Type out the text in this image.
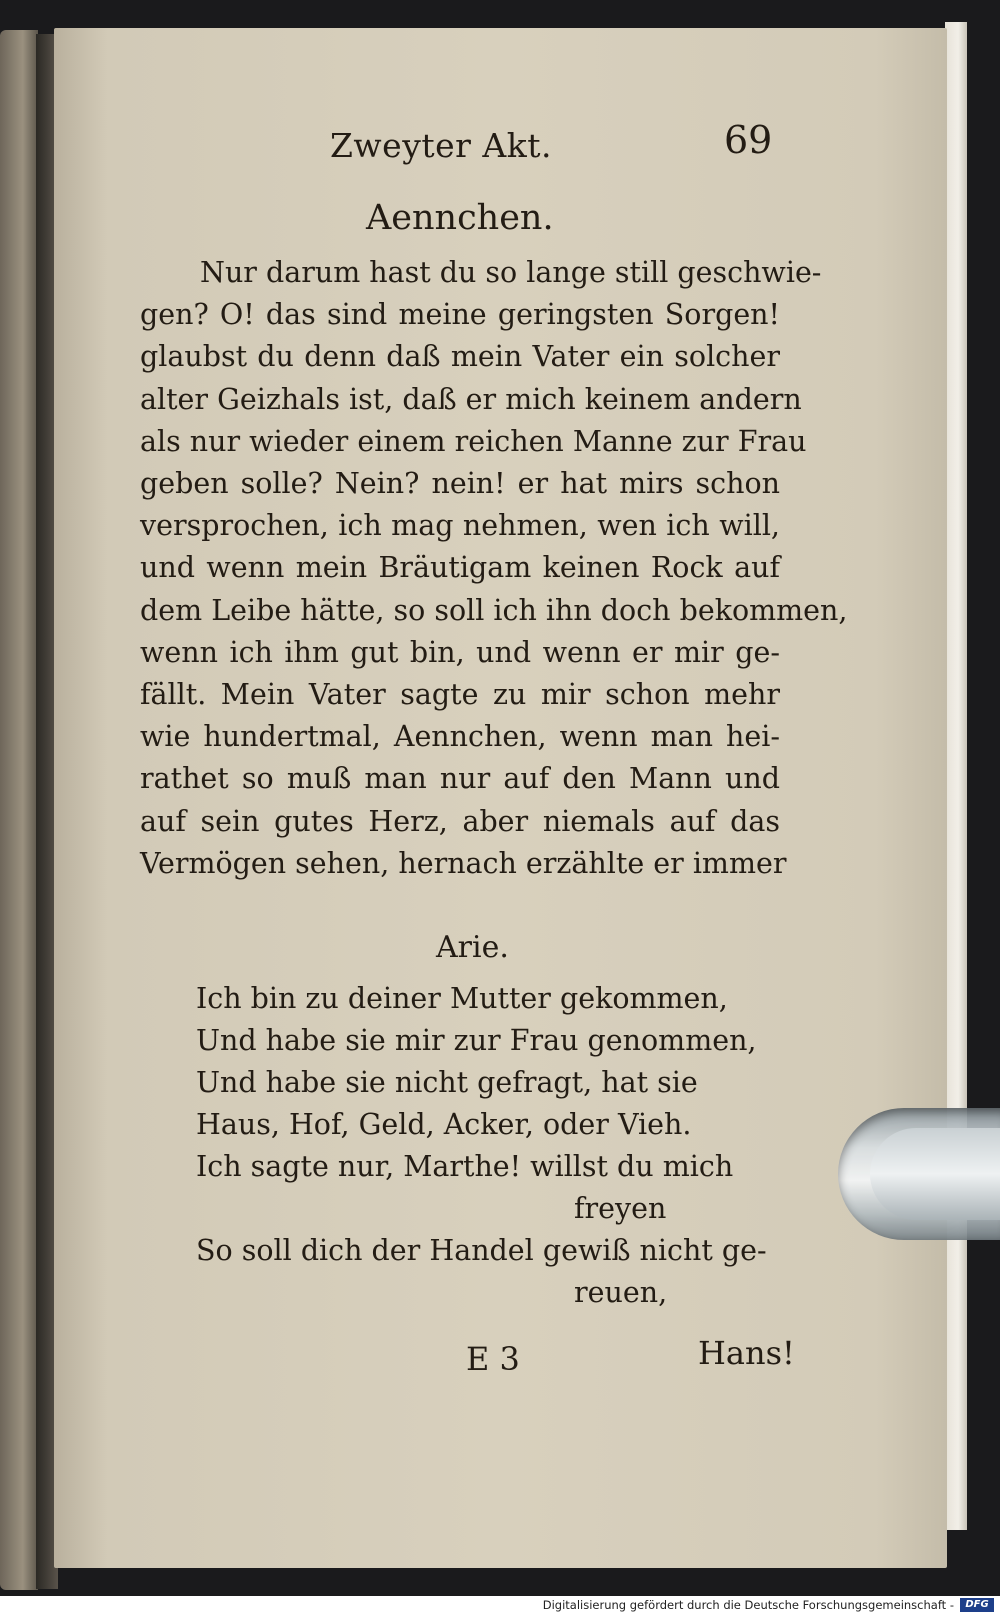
Zweyter Akt.	69
Aennchen.
Nur darum hast du so lange still geschwie-
gen? O! das sind meine geringsten Sorgen!
glaubst du denn daß mein Vater ein solcher
alter Geizhals ist, daß er mich keinem andern
als nur wieder einem reichen Manne zur Frau
geben solle? Nein? nein! er hat mirs schon
versprochen, ich mag nehmen, wen ich will,
und wenn mein Bräutigam keinen Rock auf
dem Leibe hätte, so soll ich ihn doch bekommen,
wenn ich ihm gut bin, und wenn er mir ge-
fällt. Mein Vater sagte zu mir schon mehr
wie hundertmal, Aennchen, wenn man hei-
rathet so muß man nur auf den Mann und
auf sein gutes Herz, aber niemals auf das
Vermögen sehen, hernach erzählte er immer
Arie.
Ich bin zu deiner Mutter gekommen,
Und habe sie mir zur Frau genommen,
Und habe sie nicht gefragt, hat sie
Haus, Hof, Geld, Acker, oder Vieh.
Ich sagte nur, Marthe! willst du mich
freyen
So soll dich der Handel gewiß nicht ge-
reuen,
E 3	Hans!
Digitalisierung gefördert durch die Deutsche Forschungsgemeinschaft -	DFG
